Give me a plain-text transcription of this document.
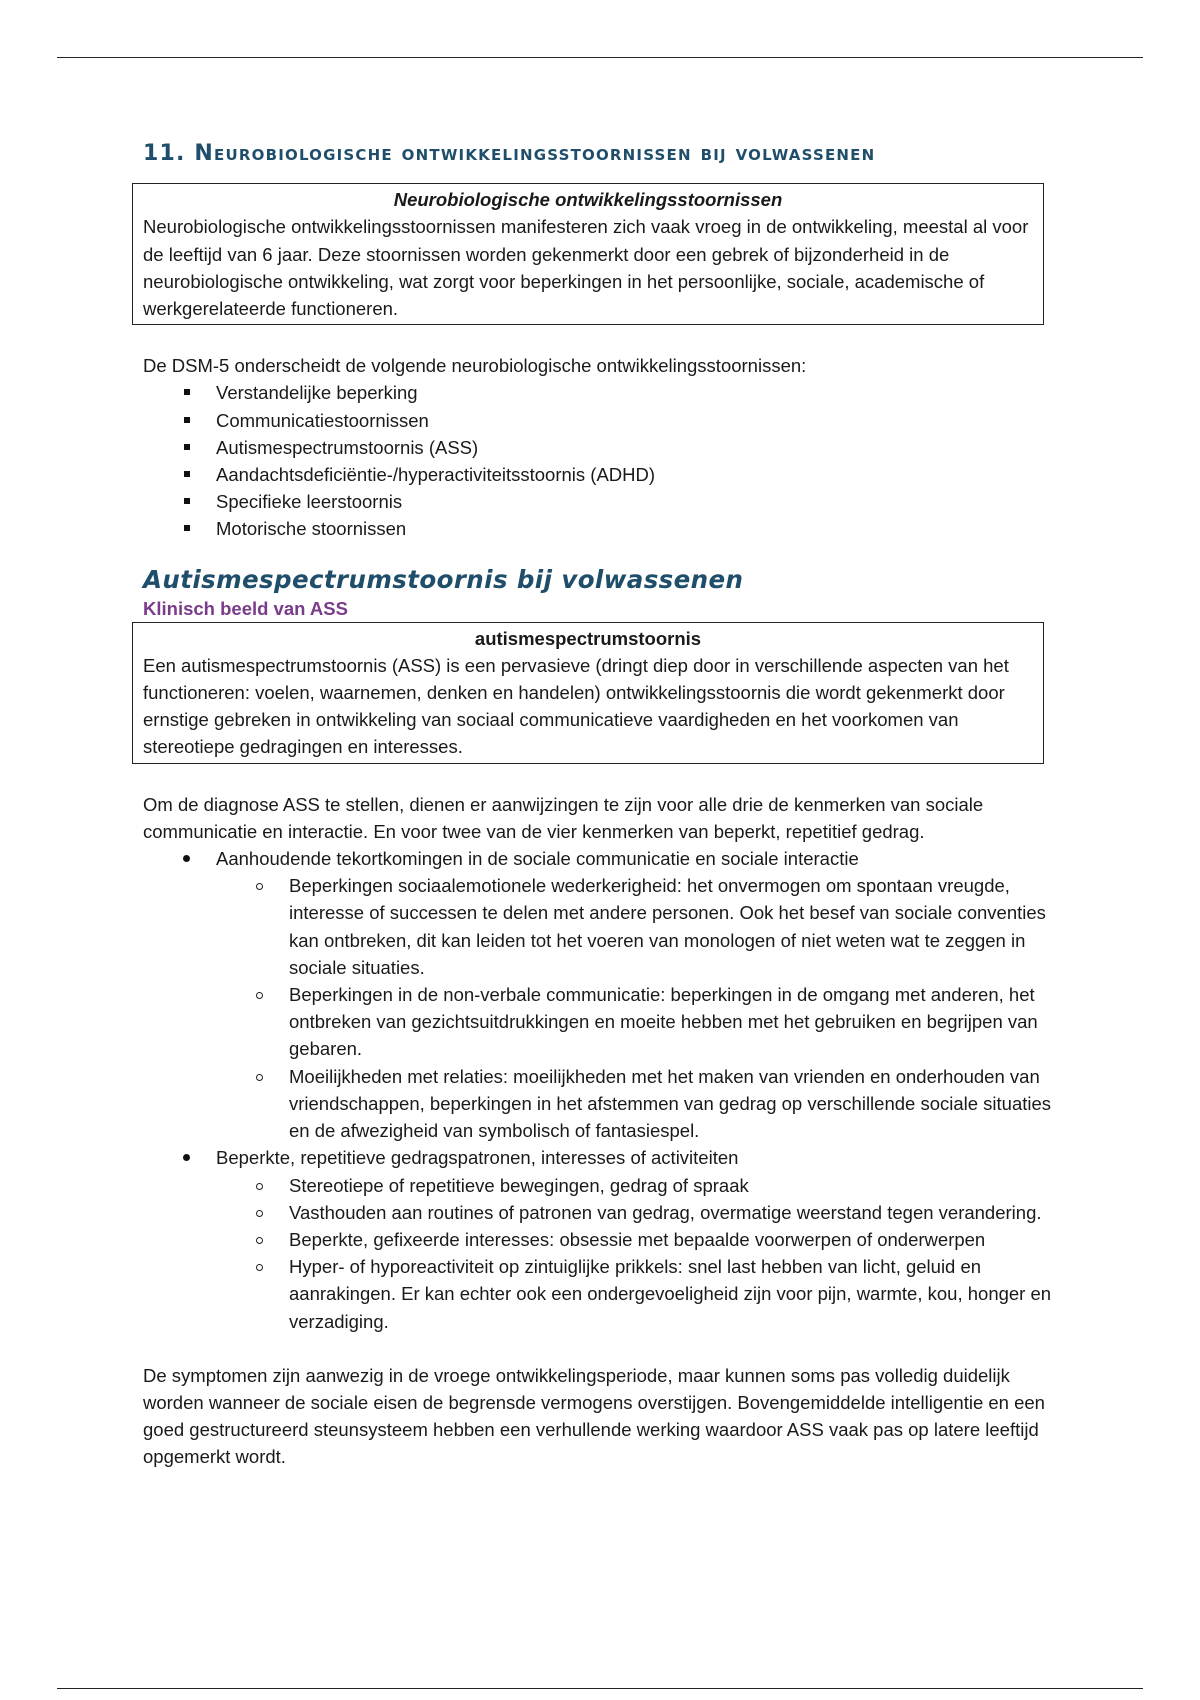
11. Neurobiologische ontwikkelingsstoornissen bij volwassenen
Neurobiologische ontwikkelingsstoornissen

Neurobiologische ontwikkelingsstoornissen manifesteren zich vaak vroeg in de ontwikkeling, meestal al voor de leeftijd van 6 jaar. Deze stoornissen worden gekenmerkt door een gebrek of bijzonderheid in de neurobiologische ontwikkeling, wat zorgt voor beperkingen in het persoonlijke, sociale, academische of werkgerelateerde functioneren.

De DSM-5 onderscheidt de volgende neurobiologische ontwikkelingsstoornissen:

Verstandelijke beperking
Communicatiestoornissen
Autismespectrumstoornis (ASS)
Aandachtsdeficiëntie-/hyperactiviteitsstoornis (ADHD)
Specifieke leerstoornis
Motorische stoornissen
Autismespectrumstoornis bij volwassenen
Klinisch beeld van ASS
autismespectrumstoornis

Een autismespectrumstoornis (ASS) is een pervasieve (dringt diep door in verschillende aspecten van het functioneren: voelen, waarnemen, denken en handelen) ontwikkelingsstoornis die wordt gekenmerkt door ernstige gebreken in ontwikkeling van sociaal communicatieve vaardigheden en het voorkomen van stereotiepe gedragingen en interesses.

Om de diagnose ASS te stellen, dienen er aanwijzingen te zijn voor alle drie de kenmerken van sociale communicatie en interactie. En voor twee van de vier kenmerken van beperkt, repetitief gedrag.

Aanhoudende tekortkomingen in de sociale communicatie en sociale interactie
Beperkingen sociaalemotionele wederkerigheid: het onvermogen om spontaan vreugde, interesse of successen te delen met andere personen. Ook het besef van sociale conventies kan ontbreken, dit kan leiden tot het voeren van monologen of niet weten wat te zeggen in sociale situaties.
Beperkingen in de non-verbale communicatie: beperkingen in de omgang met anderen, het ontbreken van gezichtsuitdrukkingen en moeite hebben met het gebruiken en begrijpen van gebaren.
Moeilijkheden met relaties: moeilijkheden met het maken van vrienden en onderhouden van vriendschappen, beperkingen in het afstemmen van gedrag op verschillende sociale situaties en de afwezigheid van symbolisch of fantasiespel.
Beperkte, repetitieve gedragspatronen, interesses of activiteiten
Stereotiepe of repetitieve bewegingen, gedrag of spraak
Vasthouden aan routines of patronen van gedrag, overmatige weerstand tegen verandering.
Beperkte, gefixeerde interesses: obsessie met bepaalde voorwerpen of onderwerpen
Hyper- of hyporeactiviteit op zintuiglijke prikkels: snel last hebben van licht, geluid en aanrakingen. Er kan echter ook een ondergevoeligheid zijn voor pijn, warmte, kou, honger en verzadiging.

De symptomen zijn aanwezig in de vroege ontwikkelingsperiode, maar kunnen soms pas volledig duidelijk worden wanneer de sociale eisen de begrensde vermogens overstijgen. Bovengemiddelde intelligentie en een goed gestructureerd steunsysteem hebben een verhullende werking waardoor ASS vaak pas op latere leeftijd opgemerkt wordt.
